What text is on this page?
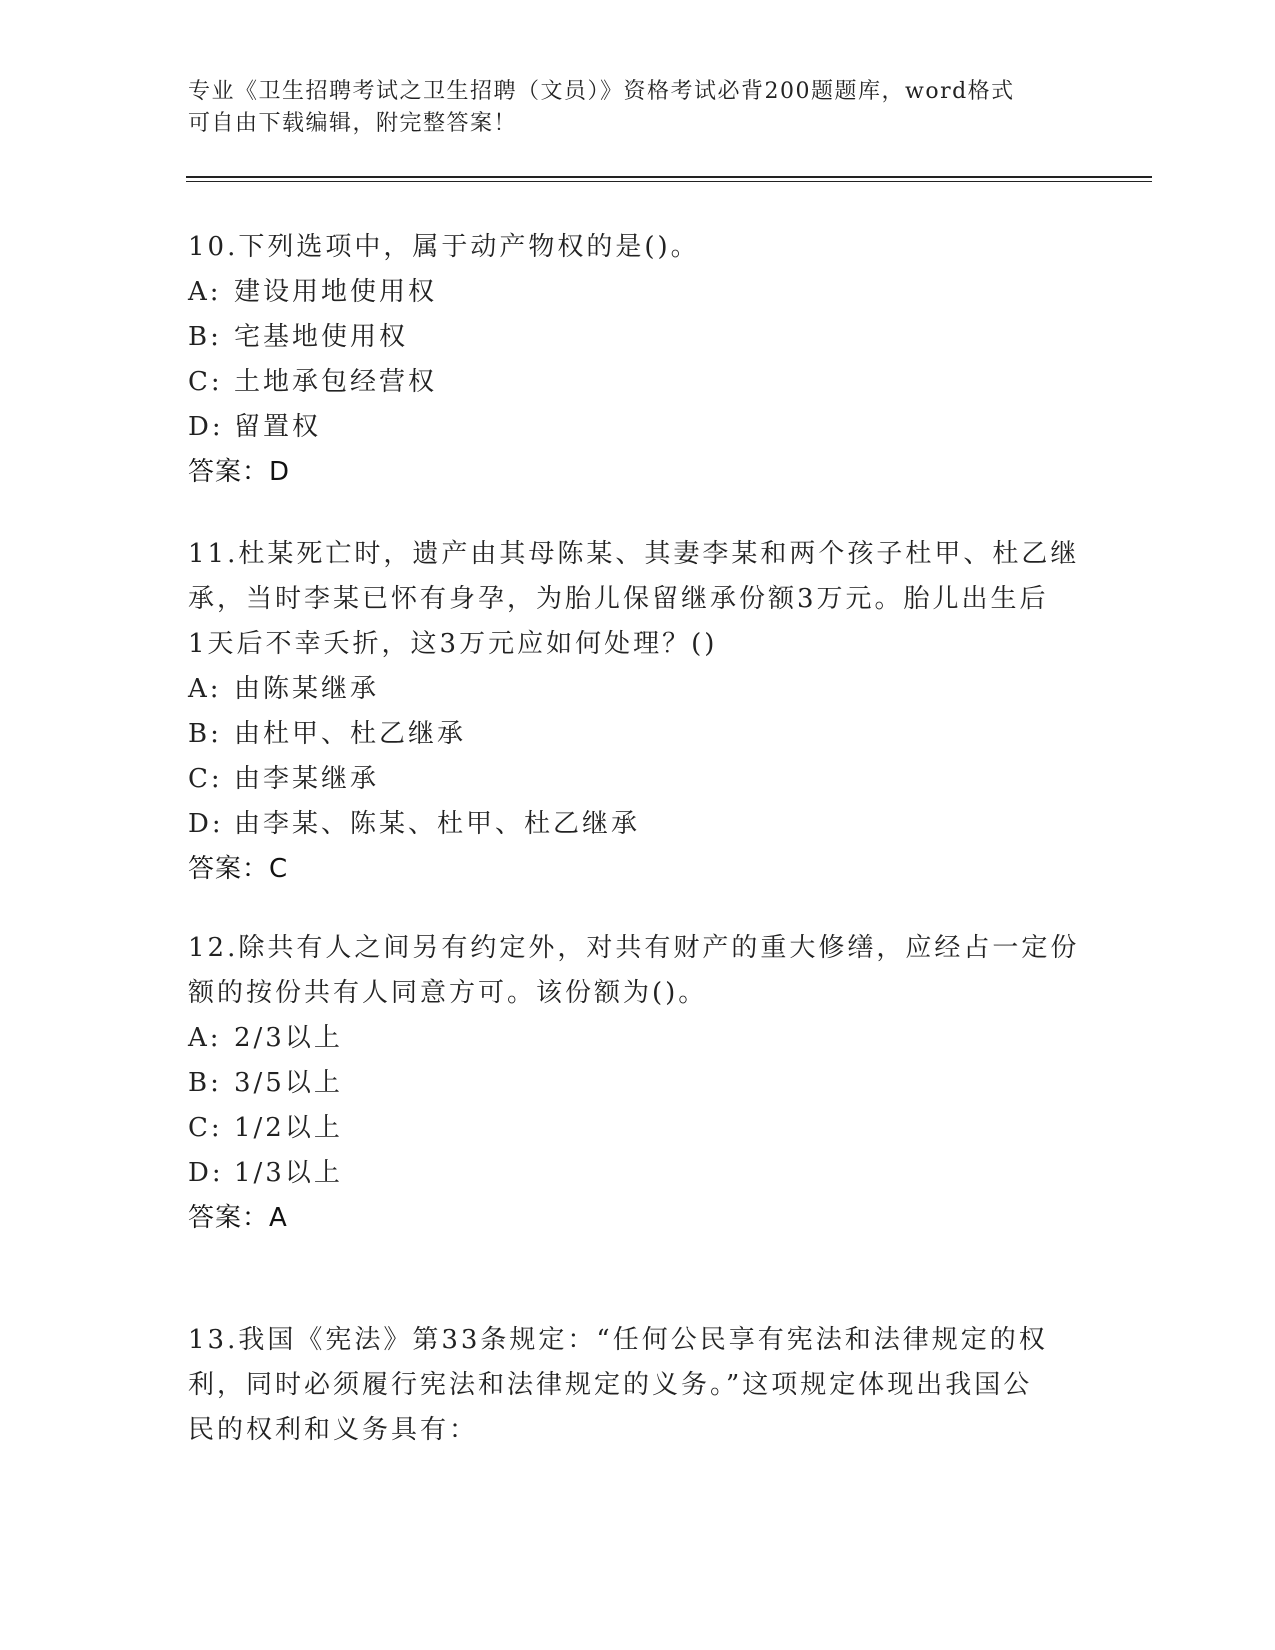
专业《卫生招聘考试之卫生招聘（文员）》资格考试必背200题题库，word格式
可自由下载编辑，附完整答案！
10.下列选项中，属于动产物权的是()。
A: 建设用地使用权
B: 宅基地使用权
C: 土地承包经营权
D: 留置权
答案：D
11.杜某死亡时，遗产由其母陈某、其妻李某和两个孩子杜甲、杜乙继
承，当时李某已怀有身孕，为胎儿保留继承份额3万元。胎儿出生后
1天后不幸夭折，这3万元应如何处理？()
A: 由陈某继承
B: 由杜甲、杜乙继承
C: 由李某继承
D: 由李某、陈某、杜甲、杜乙继承
答案：C
12.除共有人之间另有约定外，对共有财产的重大修缮，应经占一定份
额的按份共有人同意方可。该份额为()。
A: 2/3以上
B: 3/5以上
C: 1/2以上
D: 1/3以上
答案：A
13.我国《宪法》第33条规定：“任何公民享有宪法和法律规定的权
利，同时必须履行宪法和法律规定的义务。”这项规定体现出我国公
民的权利和义务具有：
